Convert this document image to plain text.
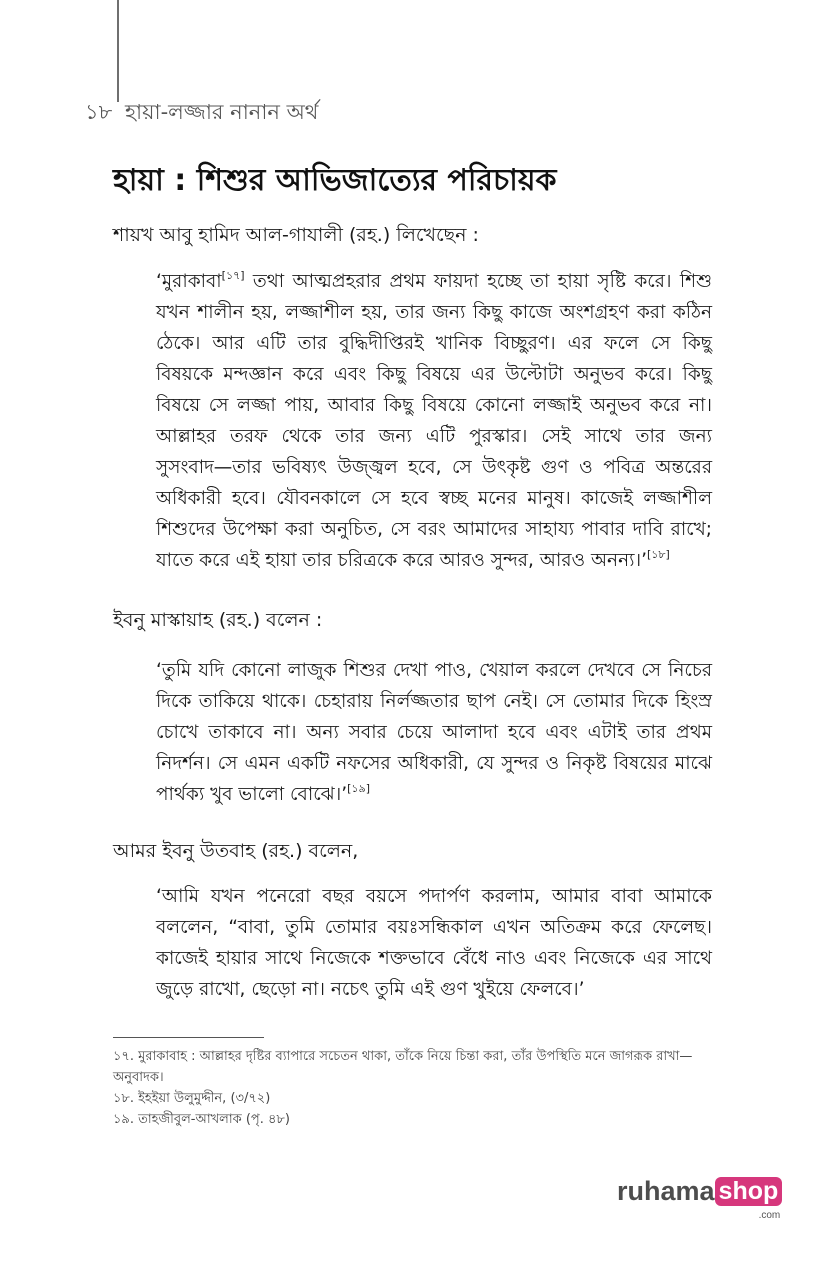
১৮ হায়া-লজ্জার নানান অর্থ
হায়া : শিশুর আভিজাত্যের পরিচায়ক
শায়খ আবু হামিদ আল-গাযালী (রহ.) লিখেছেন :
‘মুরাকাবা[১৭] তথা আত্মপ্রহরার প্রথম ফায়দা হচ্ছে তা হায়া সৃষ্টি করে। শিশু
যখন শালীন হয়, লজ্জাশীল হয়, তার জন্য কিছু কাজে অংশগ্রহণ করা কঠিন
ঠেকে। আর এটি তার বুদ্ধিদীপ্তিরই খানিক বিচ্ছুরণ। এর ফলে সে কিছু
বিষয়কে মন্দজ্ঞান করে এবং কিছু বিষয়ে এর উল্টোটা অনুভব করে। কিছু
বিষয়ে সে লজ্জা পায়, আবার কিছু বিষয়ে কোনো লজ্জাই অনুভব করে না।
আল্লাহর তরফ থেকে তার জন্য এটি পুরস্কার। সেই সাথে তার জন্য
সুসংবাদ—তার ভবিষ্যৎ উজ্জ্বল হবে, সে উৎকৃষ্ট গুণ ও পবিত্র অন্তরের
অধিকারী হবে। যৌবনকালে সে হবে স্বচ্ছ মনের মানুষ। কাজেই লজ্জাশীল
শিশুদের উপেক্ষা করা অনুচিত, সে বরং আমাদের সাহায্য পাবার দাবি রাখে;
যাতে করে এই হায়া তার চরিত্রকে করে আরও সুন্দর, আরও অনন্য।’[১৮]
ইবনু মাস্কায়াহ (রহ.) বলেন :
‘তুমি যদি কোনো লাজুক শিশুর দেখা পাও, খেয়াল করলে দেখবে সে নিচের
দিকে তাকিয়ে থাকে। চেহারায় নির্লজ্জতার ছাপ নেই। সে তোমার দিকে হিংস্র
চোখে তাকাবে না। অন্য সবার চেয়ে আলাদা হবে এবং এটাই তার প্রথম
নিদর্শন। সে এমন একটি নফসের অধিকারী, যে সুন্দর ও নিকৃষ্ট বিষয়ের মাঝে
পার্থক্য খুব ভালো বোঝে।’[১৯]
আমর ইবনু উতবাহ (রহ.) বলেন,
‘আমি যখন পনেরো বছর বয়সে পদার্পণ করলাম, আমার বাবা আমাকে
বললেন, “বাবা, তুমি তোমার বয়ঃসন্ধিকাল এখন অতিক্রম করে ফেলেছ।
কাজেই হায়ার সাথে নিজেকে শক্তভাবে বেঁধে নাও এবং নিজেকে এর সাথে
জুড়ে রাখো, ছেড়ো না। নচেৎ তুমি এই গুণ খুইয়ে ফেলবে।’
১৭. মুরাকাবাহ : আল্লাহর দৃষ্টির ব্যাপারে সচেতন থাকা, তাঁকে নিয়ে চিন্তা করা, তাঁর উপস্থিতি মনে জাগরূক রাখা—
অনুবাদক।
১৮. ইহইয়া উলুমুদ্দীন, (৩/৭২)
১৯. তাহজীবুল-আখলাক (পৃ. ৪৮)
ruhama shop
.com
